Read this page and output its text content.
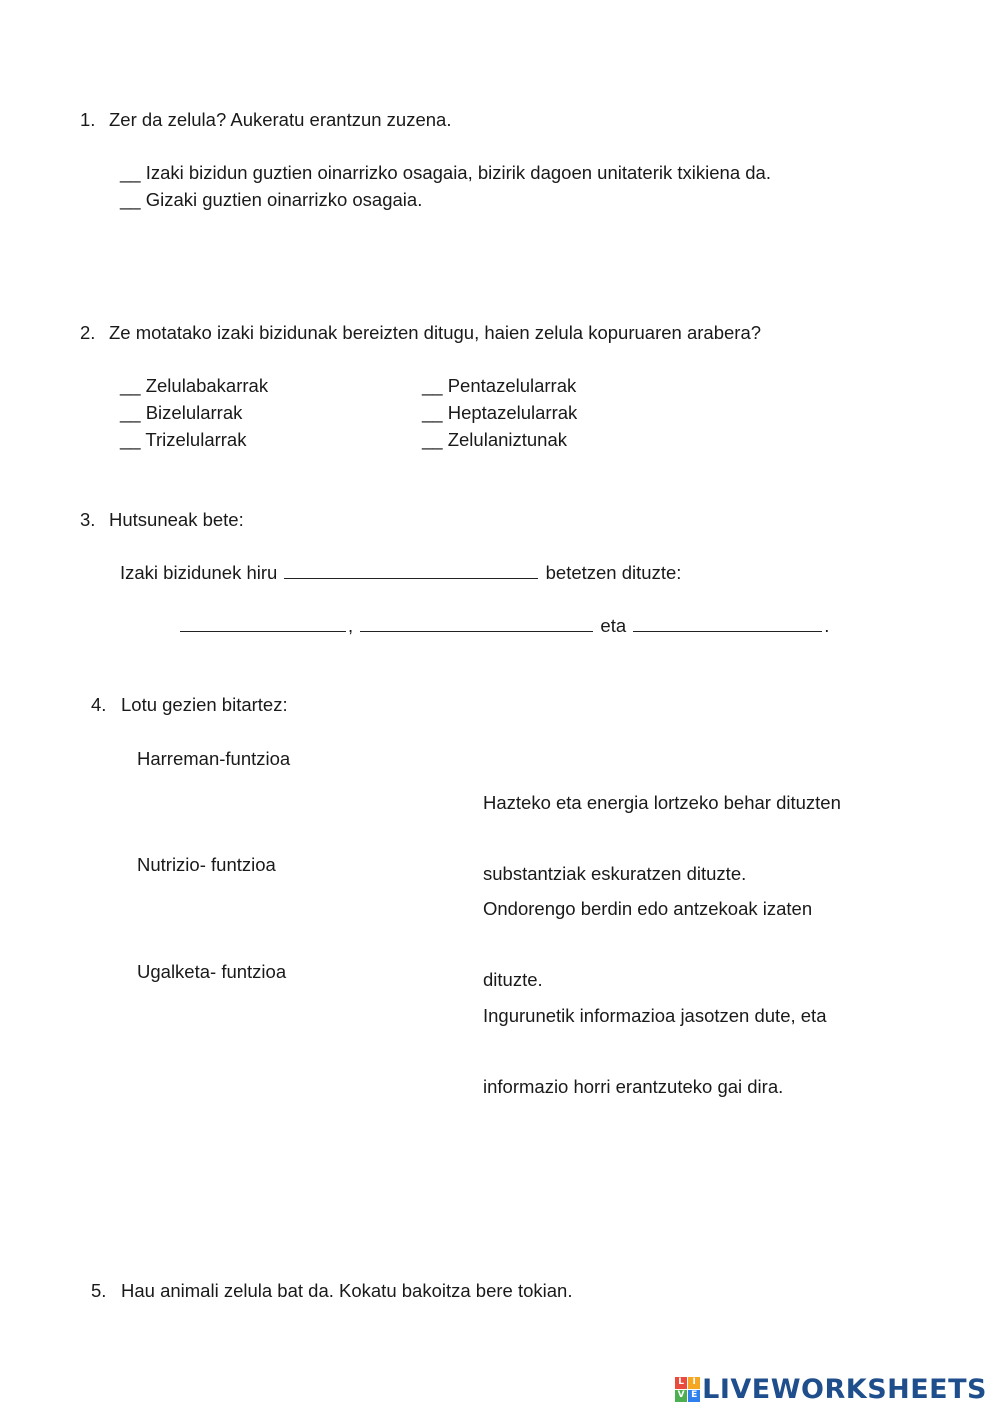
1. Zer da zelula? Aukeratu erantzun zuzena.
__ Izaki bizidun guztien oinarrizko osagaia, bizirik dagoen unitaterik txikiena da.
__ Gizaki guztien oinarrizko osagaia.
2. Ze motatako izaki bizidunak bereizten ditugu, haien zelula kopuruaren arabera?
__ Zelulabakarrak
__ Bizelularrak
__ Trizelularrak
__ Pentazelularrak
__ Heptazelularrak
__ Zelulaniztunak
3. Hutsuneak bete:
Izaki bizidunek hiru	betetzen dituzte:
,	eta	.
4. Lotu gezien bitartez:
Harreman-funtzioa
Nutrizio- funtzioa
Ugalketa- funtzioa

Hazteko eta energia lortzeko behar dituzten

substantziak eskuratzen dituzte.

Ondorengo berdin edo antzekoak izaten

dituzte.

Ingurunetik informazioa jasotzen dute, eta

informazio horri erantzuteko gai dira.

5. Hau animali zelula bat da. Kokatu bakoitza bere tokian.
L I
V E LIVEWORKSHEETS
